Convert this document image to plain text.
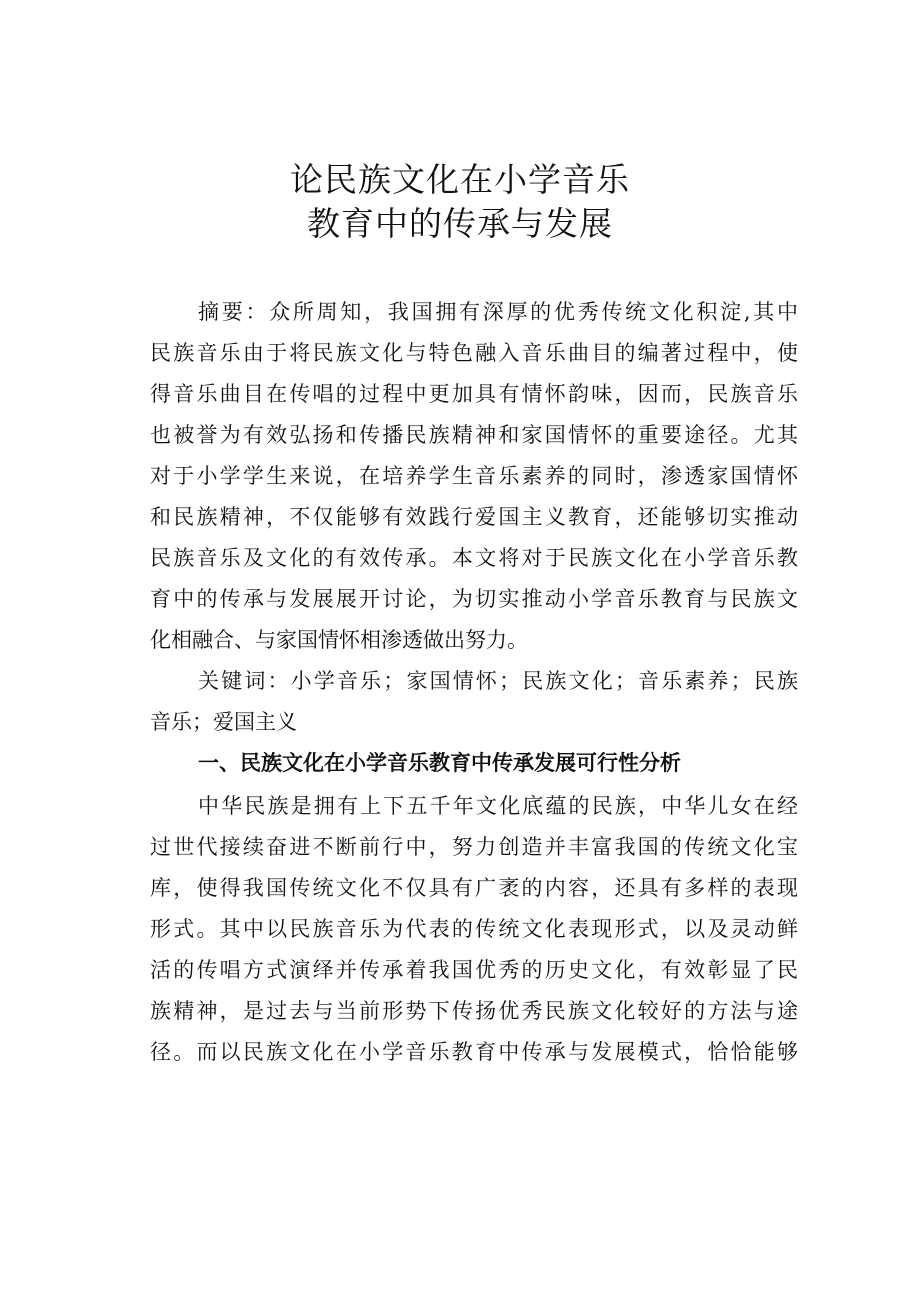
论民族文化在小学音乐
教育中的传承与发展
摘要：众所周知，我国拥有深厚的优秀传统文化积淀,其中
民族音乐由于将民族文化与特色融入音乐曲目的编著过程中，使
得音乐曲目在传唱的过程中更加具有情怀韵味，因而，民族音乐
也被誉为有效弘扬和传播民族精神和家国情怀的重要途径。尤其
对于小学学生来说，在培养学生音乐素养的同时，渗透家国情怀
和民族精神，不仅能够有效践行爱国主义教育，还能够切实推动
民族音乐及文化的有效传承。本文将对于民族文化在小学音乐教
育中的传承与发展展开讨论，为切实推动小学音乐教育与民族文
化相融合、与家国情怀相渗透做出努力。
关键词：小学音乐；家国情怀；民族文化；音乐素养；民族
音乐；爱国主义
一、民族文化在小学音乐教育中传承发展可行性分析
中华民族是拥有上下五千年文化底蕴的民族，中华儿女在经
过世代接续奋进不断前行中，努力创造并丰富我国的传统文化宝
库，使得我国传统文化不仅具有广袤的内容，还具有多样的表现
形式。其中以民族音乐为代表的传统文化表现形式，以及灵动鲜
活的传唱方式演绎并传承着我国优秀的历史文化，有效彰显了民
族精神，是过去与当前形势下传扬优秀民族文化较好的方法与途
径。而以民族文化在小学音乐教育中传承与发展模式，恰恰能够
